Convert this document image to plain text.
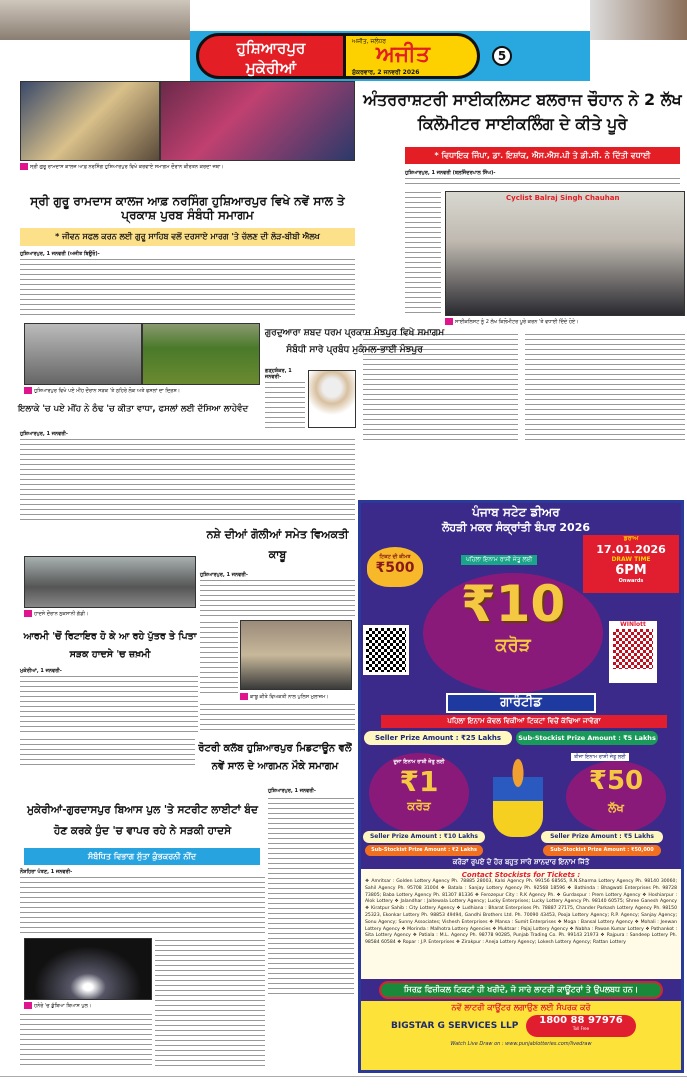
ਹੁਸ਼ਿਆਰਪੁਰ
ਮੁਕੇਰੀਆਂ
ਅਜੀਤ, ਜਲੰਧਰ
ਅਜੀਤ
ਸ਼ੁੱਕਰਵਾਰ, 2 ਜਨਵਰੀ 2026
5
ਸ੍ਰੀ ਗੁਰੂ ਰਾਮਦਾਸ ਕਾਲਜ ਆਫ਼ ਨਰਸਿੰਗ ਹੁਸ਼ਿਆਰਪੁਰ ਵਿਖੇ ਕਰਵਾਏ ਸਮਾਗਮ ਦੌਰਾਨ ਕੀਰਤਨ ਕਰਦਾ ਜਥਾ।
ਅੰਤਰਰਾਸ਼ਟਰੀ ਸਾਈਕਲਿਸਟ ਬਲਰਾਜ ਚੌਹਾਨ ਨੇ 2 ਲੱਖ ਕਿਲੋਮੀਟਰ ਸਾਈਕਲਿੰਗ ਦੇ ਕੀਤੇ ਪੂਰੇ
* ਵਿਧਾਇਕ ਜਿੰਪਾ, ਡਾ. ਇਸ਼ਾਂਕ, ਐਸ.ਐਸ.ਪੀ ਤੇ ਡੀ.ਸੀ. ਨੇ ਦਿੱਤੀ ਵਧਾਈ
ਹੁਸ਼ਿਆਰਪੁਰ, 1 ਜਨਵਰੀ (ਬਲਜਿੰਦਰਪਾਲ ਸਿੰਘ)-
Cyclist Balraj Singh Chauhan
ਸਾਈਕਲਿਸਟ ਨੂੰ 2 ਲੱਖ ਕਿਲੋਮੀਟਰ ਪੂਰੇ ਕਰਨ 'ਤੇ ਵਧਾਈ ਦਿੰਦੇ ਹੋਏ।
ਸ੍ਰੀ ਗੁਰੂ ਰਾਮਦਾਸ ਕਾਲਜ ਆਫ਼ ਨਰਸਿੰਗ ਹੁਸ਼ਿਆਰਪੁਰ ਵਿਖੇ ਨਵੇਂ ਸਾਲ ਤੇ ਪ੍ਰਕਾਸ਼ ਪੁਰਬ ਸੰਬੰਧੀ ਸਮਾਗਮ
* ਜੀਵਨ ਸਫਲ ਕਰਨ ਲਈ ਗੁਰੂ ਸਾਹਿਬ ਵਲੋਂ ਦਰਸਾਏ ਮਾਰਗ 'ਤੇ ਚੱਲਣ ਦੀ ਲੋੜ-ਬੀਬੀ ਐਲਖ
ਹੁਸ਼ਿਆਰਪੁਰ, 1 ਜਨਵਰੀ (ਅਜੀਤ ਬਿਊਰੋ)-
ਹੁਸ਼ਿਆਰਪੁਰ ਵਿਖੇ ਪਏ ਮੀਂਹ ਦੌਰਾਨ ਸੜਕ 'ਤੇ ਠਹਿਰੇ ਲੋਕ ਅਤੇ ਫਸਲਾਂ ਦਾ ਦ੍ਰਿਸ਼।
ਇਲਾਕੇ 'ਚ ਪਏ ਮੀਂਹ ਨੇ ਠੰਢ 'ਚ ਕੀਤਾ ਵਾਧਾ, ਫਸਲਾਂ ਲਈ ਦੱਸਿਆ ਲਾਹੇਵੰਦ
ਹੁਸ਼ਿਆਰਪੁਰ, 1 ਜਨਵਰੀ-
ਗੁਰਦੁਆਰਾ ਸ਼ਬਦ ਧਰਮ ਪ੍ਰਕਾਸ਼ ਮੰਝਪੁਰ ਵਿਖੇ ਸਮਾਗਮ ਸੰਬੰਧੀ ਸਾਰੇ ਪ੍ਰਬੰਧ ਮੁਕੰਮਲ-ਭਾਈ ਮੰਝਪੁਰ
ਗੜ੍ਹਸ਼ੰਕਰ, 1 ਜਨਵਰੀ-
ਨਸ਼ੇ ਦੀਆਂ ਗੋਲੀਆਂ ਸਮੇਤ ਵਿਅਕਤੀ ਕਾਬੂ
ਹੁਸ਼ਿਆਰਪੁਰ, 1 ਜਨਵਰੀ-
ਕਾਬੂ ਕੀਤੇ ਵਿਅਕਤੀ ਨਾਲ ਪੁਲਿਸ ਮੁਲਾਜ਼ਮ।
ਹਾਦਸੇ ਦੌਰਾਨ ਨੁਕਸਾਨੀ ਗੱਡੀ।
ਆਰਮੀ 'ਚੋਂ ਰਿਟਾਇਰ ਹੋ ਕੇ ਆ ਰਹੇ ਪੁੱਤਰ ਤੇ ਪਿਤਾ ਸੜਕ ਹਾਦਸੇ 'ਚ ਜ਼ਖ਼ਮੀ
ਮੁਕੇਰੀਆਂ, 1 ਜਨਵਰੀ-
ਰੋਟਰੀ ਕਲੱਬ ਹੁਸ਼ਿਆਰਪੁਰ ਮਿਡਟਾਊਨ ਵਲੋਂ ਨਵੇਂ ਸਾਲ ਦੇ ਆਗਮਨ ਮੌਕੇ ਸਮਾਗਮ
ਹੁਸ਼ਿਆਰਪੁਰ, 1 ਜਨਵਰੀ-
ਮੁਕੇਰੀਆਂ-ਗੁਰਦਾਸਪੁਰ ਬਿਆਸ ਪੁਲ 'ਤੇ ਸਟਰੀਟ ਲਾਈਟਾਂ ਬੰਦ ਹੋਣ ਕਰਕੇ ਧੁੰਦ 'ਚ ਵਾਪਰ ਰਹੇ ਨੇ ਸੜਕੀ ਹਾਦਸੇ
ਸੰਬੰਧਿਤ ਵਿਭਾਗ ਸੁੱਤਾ ਕੁੰਭਕਰਨੀ ਨੀਂਦ
ਨੌਸ਼ਹਿਰਾ ਪੱਤਣ, 1 ਜਨਵਰੀ-
ਹਨੇਰੇ 'ਚ ਡੁੱਬਿਆ ਬਿਆਸ ਪੁਲ।
ਪੰਜਾਬ ਸਟੇਟ ਡੀਅਰ
ਲੋਹੜੀ ਮਕਰ ਸੰਕ੍ਰਾਂਤੀ ਬੰਪਰ 2026
ਟਿਕਟ ਦੀ ਕੀਮਤ
₹500
ਪਹਿਲਾ ਇਨਾਮ ਰਾਸ਼ੀ ਜੇਤੂ ਲਈ
ਡਰਾਅ
17.01.2026
DRAW TIME
6PM
Onwards
WINlott
₹10
ਕਰੋੜ
ਗਾਰੰਟੀਡ
ਪਹਿਲਾ ਇਨਾਮ ਕੇਵਲ ਵਿਕੀਆਂ ਟਿਕਟਾਂ ਵਿਚੋਂ ਕੱਢਿਆ ਜਾਵੇਗਾ
Seller Prize Amount : ₹25 Lakhs	Sub-Stockist Prize Amount : ₹5 Lakhs
ਦੂਜਾ ਇਨਾਮ ਰਾਸ਼ੀ ਜੇਤੂ ਲਈ
₹1
ਕਰੋੜ
ਤੀਜਾ ਇਨਾਮ ਰਾਸ਼ੀ ਜੇਤੂ ਲਈ
₹50
ਲੱਖ
Seller Prize Amount : ₹10 Lakhs
Sub-Stockist Prize Amount : ₹2 Lakhs
Seller Prize Amount : ₹5 Lakhs
Sub-Stockist Prize Amount : ₹50,000
ਕਰੋੜਾਂ ਰੁਪਏ ਦੇ ਹੋਰ ਬਹੁਤ ਸਾਰੇ ਸ਼ਾਨਦਾਰ ਇਨਾਮ ਜਿੱਤੋ
Contact Stockists for Tickets :
❖ Amritsar : Golden Lottery Agency Ph. 78885 28003, Kalsi Agency Ph. 99156 68565, R.N.Sharma Lottery Agency Ph. 98140 30060; Sahil Agency Ph. 95708 31004 ❖ Batala : Sanjay Lottery Agency Ph. 92568 18596 ❖ Bathinda : Bhagwati Enterprises Ph. 98728 73805; Baba Lottery Agency Ph. 81307 81336 ❖ Ferozepur City : R.K Agency Ph. ❖ Gurdaspur : Prem Lottery Agency ❖ Hoshiarpur : Alok Lottery ❖ Jalandhar : Jaitewala Lottery Agency; Lucky Enterprises; Lucky Lottery Agency Ph. 98140 60575; Shree Ganesh Agency ❖ Kiratpur Sahib : City Lottery Agency ❖ Ludhiana : Bharat Enterprises Ph. 78887 27175, Chander Parkash Lottery Agency Ph. 98150 25323, Ekonkar Lottery Ph. 98853 49494, Gandhi Brothers Ltd. Ph. 70090 43453, Pooja Lottery Agency; R.P. Agency; Sanjay Agency; Sonu Agency; Sunny Associates; Vishesh Enterprises ❖ Mansa : Sumit Enterprises ❖ Moga : Bansal Lottery Agency ❖ Mohali : Jeewan Lottery Agency ❖ Morinda : Malhotra Lottery Agencies ❖ Muktsar : Pajaj Lottery Agency ❖ Nabha : Pawan Kumar Lottery ❖ Pathankot : Sita Lottery Agency ❖ Patiala : M.L. Agency Ph. 98778 90285, Punjab Trading Co. Ph. 99143 21973 ❖ Rajpura : Sandeep Lottery Ph. 98584 60584 ❖ Ropar : J.P. Enterprises ❖ Zirakpur : Aneja Lottery Agency; Lokesh Lottery Agency; Rattan Lottery
ਸਿਰਫ਼ ਫਿਜ਼ੀਕਲ ਟਿਕਟਾਂ ਹੀ ਖਰੀਦੋ, ਜੋ ਸਾਰੇ ਲਾਟਰੀ ਕਾਊਂਟਰਾਂ ਤੇ ਉਪਲਬਧ ਹਨ।
ਨਵੇਂ ਲਾਟਰੀ ਕਾਊਂਟਰ ਲਗਾਉਣ ਲਈ ਸੰਪਰਕ ਕਰੋ
BIGSTAR G SERVICES LLP	1800 88 97976
Toll Free
Watch Live Draw on : www.punjablotteries.com/livedraw
